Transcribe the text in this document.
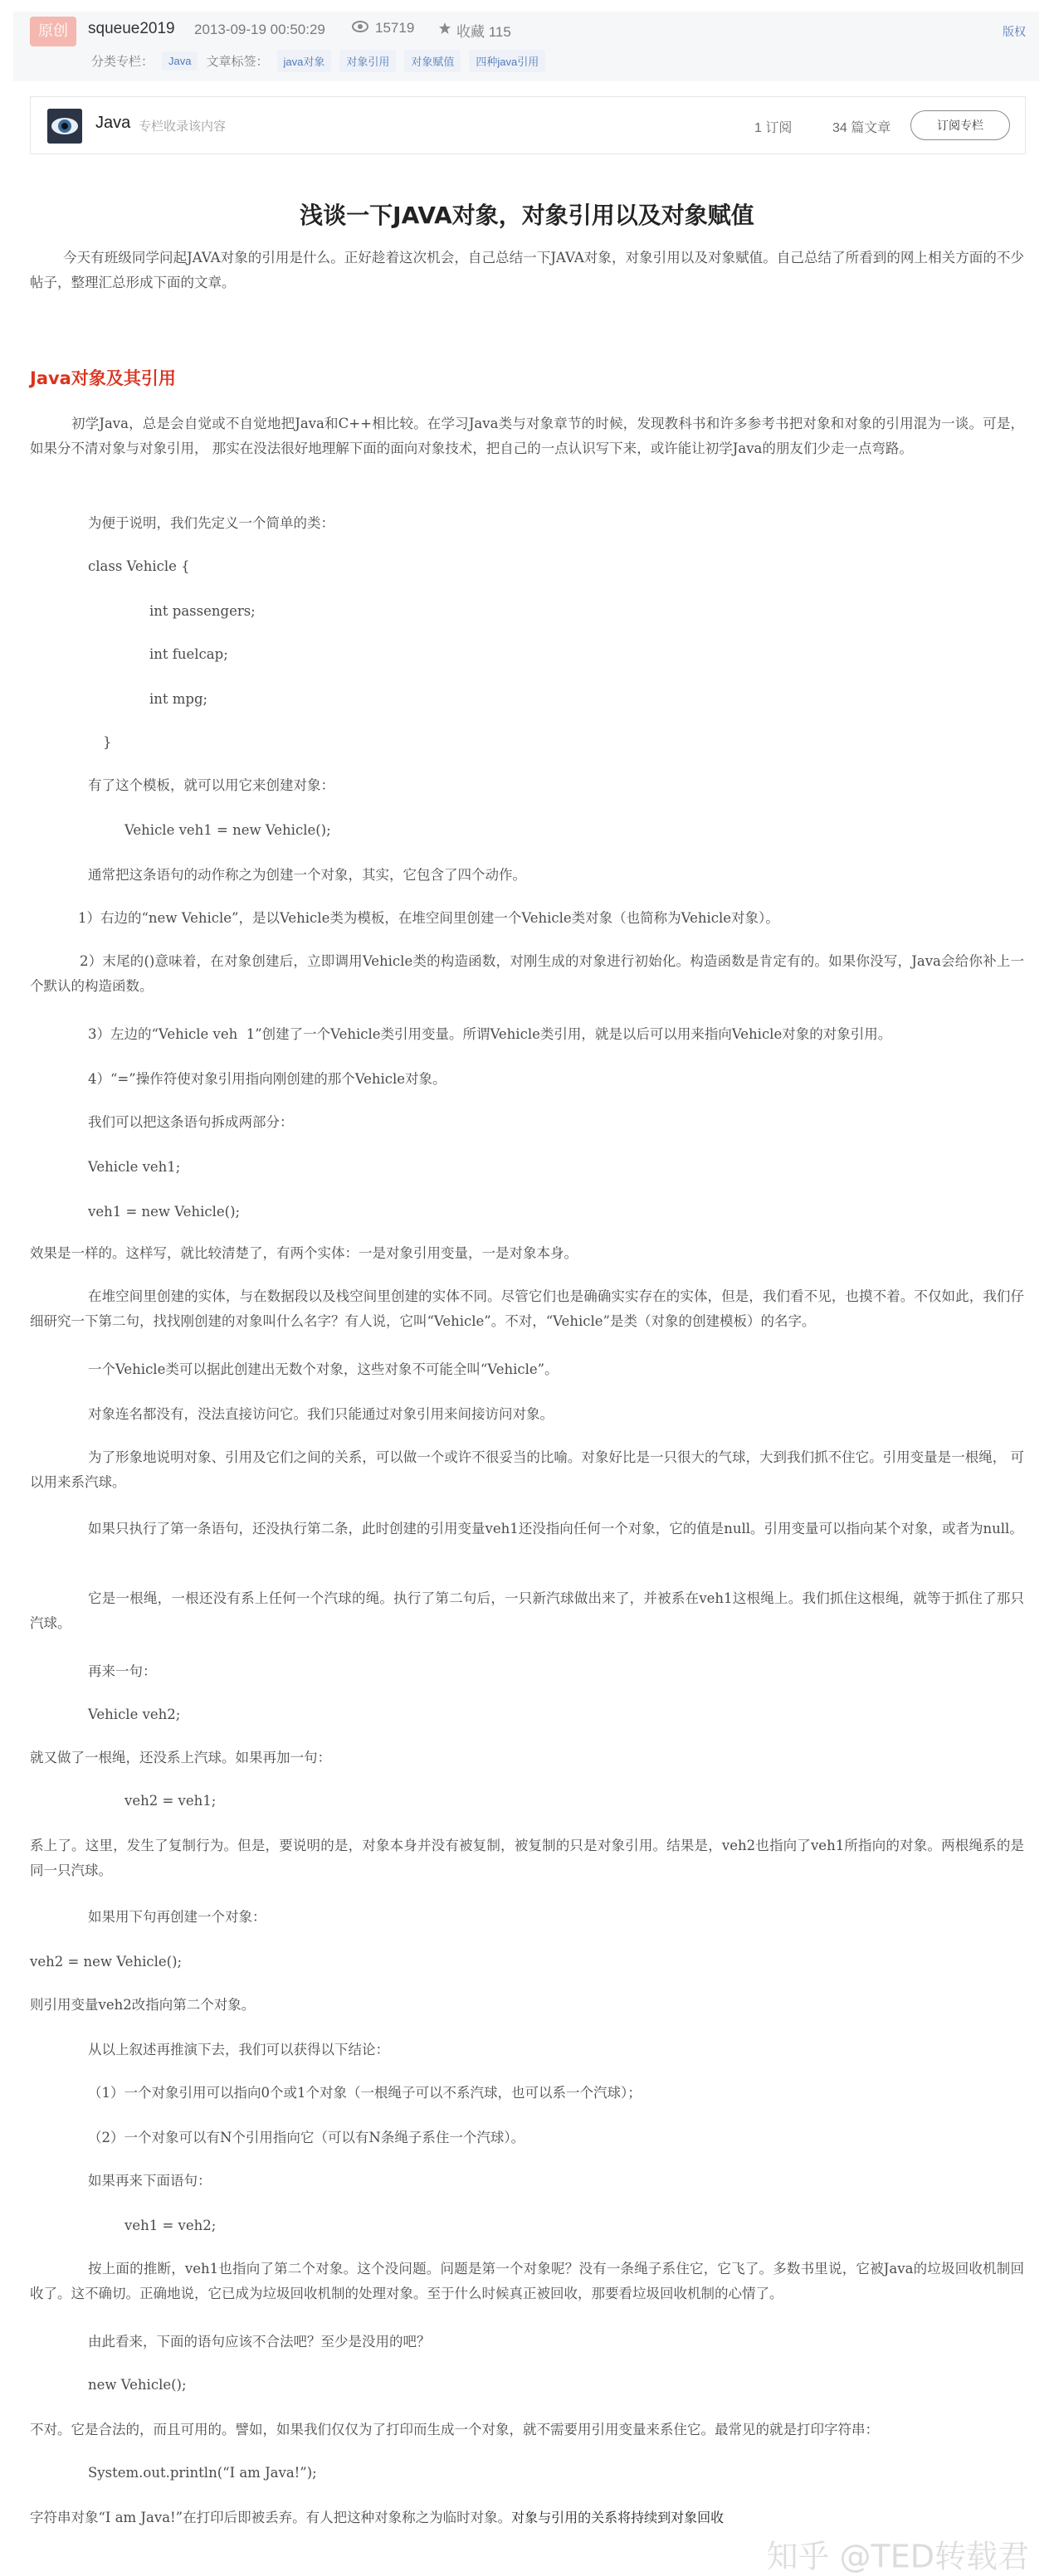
原创	squeue2019 2013-09-19 00:50:29	15719	收藏 115	版权
分类专栏：	Java	文章标签：	java对象	对象引用	对象赋值	四种java引用
Java 专栏收录该内容	1 订阅	34 篇文章	订阅专栏
浅谈一下JAVA对象，对象引用以及对象赋值
今天有班级同学问起JAVA对象的引用是什么。正好趁着这次机会，自己总结一下JAVA对象，对象引用以及对象赋值。自己总结了所看到的网上相关方面的不少帖子，整理汇总形成下面的文章。
Java对象及其引用
初学Java，总是会自觉或不自觉地把Java和C++相比较。在学习Java类与对象章节的时候，发现教科书和许多参考书把对象和对象的引用混为一谈。可是，如果分不清对象与对象引用， 那实在没法很好地理解下面的面向对象技术，把自己的一点认识写下来，或许能让初学Java的朋友们少走一点弯路。
为便于说明，我们先定义一个简单的类：
class Vehicle {
int passengers;
int fuelcap;
int mpg;
}
有了这个模板，就可以用它来创建对象：
Vehicle veh1 = new Vehicle();
通常把这条语句的动作称之为创建一个对象，其实，它包含了四个动作。
1）右边的“new Vehicle”，是以Vehicle类为模板，在堆空间里创建一个Vehicle类对象（也简称为Vehicle对象）。
2）末尾的()意味着，在对象创建后，立即调用Vehicle类的构造函数，对刚生成的对象进行初始化。构造函数是肯定有的。如果你没写，Java会给你补上一个默认的构造函数。
3）左边的“Vehicle veh  1”创建了一个Vehicle类引用变量。所谓Vehicle类引用，就是以后可以用来指向Vehicle对象的对象引用。
4）“=”操作符使对象引用指向刚创建的那个Vehicle对象。
我们可以把这条语句拆成两部分：
Vehicle veh1;
veh1 = new Vehicle();
效果是一样的。这样写，就比较清楚了，有两个实体：一是对象引用变量，一是对象本身。
在堆空间里创建的实体，与在数据段以及栈空间里创建的实体不同。尽管它们也是确确实实存在的实体，但是，我们看不见，也摸不着。不仅如此，我们仔细研究一下第二句，找找刚创建的对象叫什么名字？有人说，它叫“Vehicle”。不对，“Vehicle”是类（对象的创建模板）的名字。
一个Vehicle类可以据此创建出无数个对象，这些对象不可能全叫“Vehicle”。
对象连名都没有，没法直接访问它。我们只能通过对象引用来间接访问对象。
为了形象地说明对象、引用及它们之间的关系，可以做一个或许不很妥当的比喻。对象好比是一只很大的气球，大到我们抓不住它。引用变量是一根绳， 可以用来系汽球。
如果只执行了第一条语句，还没执行第二条，此时创建的引用变量veh1还没指向任何一个对象，它的值是null。引用变量可以指向某个对象，或者为null。
它是一根绳，一根还没有系上任何一个汽球的绳。执行了第二句后，一只新汽球做出来了，并被系在veh1这根绳上。我们抓住这根绳，就等于抓住了那只汽球。
再来一句：
Vehicle veh2;
就又做了一根绳，还没系上汽球。如果再加一句：
veh2 = veh1;
系上了。这里，发生了复制行为。但是，要说明的是，对象本身并没有被复制，被复制的只是对象引用。结果是，veh2也指向了veh1所指向的对象。两根绳系的是同一只汽球。
如果用下句再创建一个对象：
veh2 = new Vehicle();
则引用变量veh2改指向第二个对象。
从以上叙述再推演下去，我们可以获得以下结论：
（1）一个对象引用可以指向0个或1个对象（一根绳子可以不系汽球，也可以系一个汽球）；
（2）一个对象可以有N个引用指向它（可以有N条绳子系住一个汽球）。
如果再来下面语句：
veh1 = veh2;
按上面的推断，veh1也指向了第二个对象。这个没问题。问题是第一个对象呢？没有一条绳子系住它，它飞了。多数书里说，它被Java的垃圾回收机制回收了。这不确切。正确地说，它已成为垃圾回收机制的处理对象。至于什么时候真正被回收，那要看垃圾回收机制的心情了。
由此看来，下面的语句应该不合法吧？至少是没用的吧？
new Vehicle();
不对。它是合法的，而且可用的。譬如，如果我们仅仅为了打印而生成一个对象，就不需要用引用变量来系住它。最常见的就是打印字符串：
System.out.println(“I am Java!”);
字符串对象“I am Java!”在打印后即被丢弃。有人把这种对象称之为临时对象。对象与引用的关系将持续到对象回收
知乎 @TED转载君
